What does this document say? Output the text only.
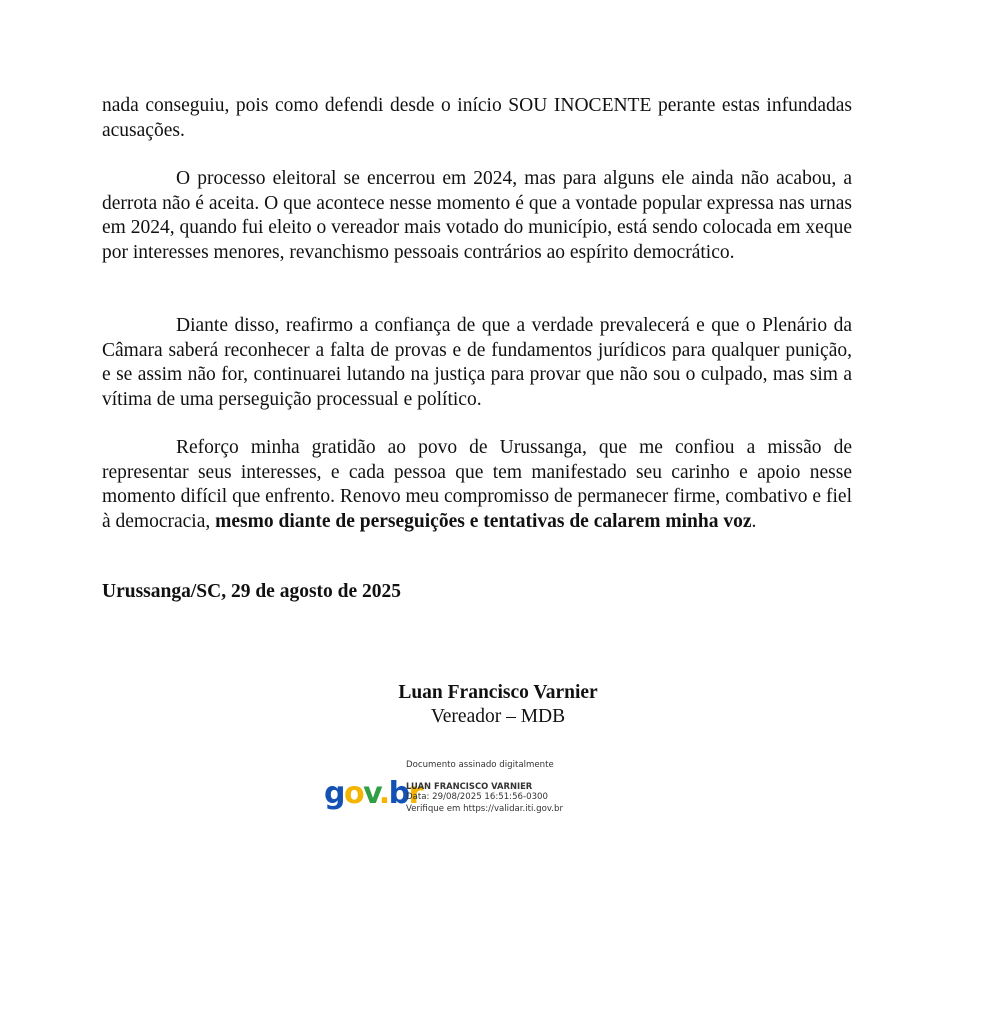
nada conseguiu, pois como defendi desde o início SOU INOCENTE perante estas infundadas acusações.

O processo eleitoral se encerrou em 2024, mas para alguns ele ainda não acabou, a derrota não é aceita. O que acontece nesse momento é que a vontade popular expressa nas urnas em 2024, quando fui eleito o vereador mais votado do município, está sendo colocada em xeque por interesses menores, revanchismo pessoais contrários ao espírito democrático.

Diante disso, reafirmo a confiança de que a verdade prevalecerá e que o Plenário da Câmara saberá reconhecer a falta de provas e de fundamentos jurídicos para qualquer punição, e se assim não for, continuarei lutando na justiça para provar que não sou o culpado, mas sim a vítima de uma perseguição processual e político.

Reforço minha gratidão ao povo de Urussanga, que me confiou a missão de representar seus interesses, e cada pessoa que tem manifestado seu carinho e apoio nesse momento difícil que enfrento. Renovo meu compromisso de permanecer firme, combativo e fiel à democracia, mesmo diante de perseguições e tentativas de calarem minha voz.

Urussanga/SC, 29 de agosto de 2025

Luan Francisco Varnier

Vereador – MDB

gov.br
Documento assinado digitalmente
LUAN FRANCISCO VARNIER
Data: 29/08/2025 16:51:56-0300
Verifique em https://validar.iti.gov.br
